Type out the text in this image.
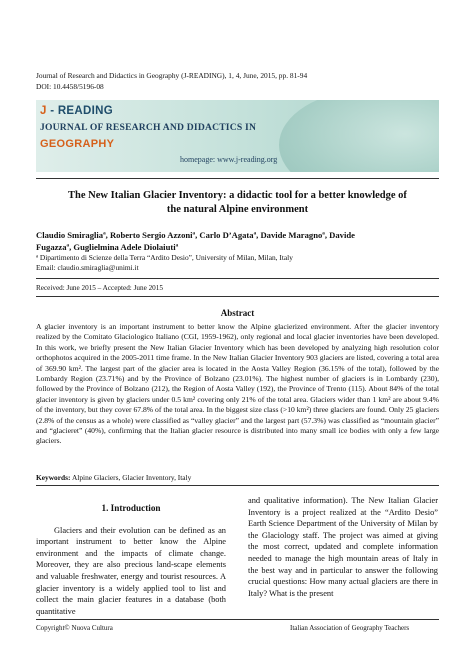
Journal of Research and Didactics in Geography (J-READING), 1, 4, June, 2015, pp. 81-94
DOI: 10.4458/5196-08
J - READING
JOURNAL OF RESEARCH AND DIDACTICS IN
GEOGRAPHY
homepage: www.j-reading.org
The New Italian Glacier Inventory: a didactic tool for a better knowledge of
the natural Alpine environment
Claudio Smiragliaª, Roberto Sergio Azzoniª, Carlo D’Agataª, Davide Maragnoª, Davide
Fugazzaª, Guglielmina Adele Diolaiutiª
ª Dipartimento di Scienze della Terra “Ardito Desio”, University of Milan, Milan, Italy
Email: claudio.smiraglia@unimi.it
Received: June 2015 – Accepted: June 2015
Abstract
A glacier inventory is an important instrument to better know the Alpine glacierized environment. After the glacier inventory realized by the Comitato Glaciologico Italiano (CGI, 1959-1962), only regional and local glacier inventories have been developed. In this work, we briefly present the New Italian Glacier Inventory which has been developed by analyzing high resolution color orthophotos acquired in the 2005-2011 time frame. In the New Italian Glacier Inventory 903 glaciers are listed, covering a total area of 369.90 km². The largest part of the glacier area is located in the Aosta Valley Region (36.15% of the total), followed by the Lombardy Region (23.71%) and by the Province of Bolzano (23.01%). The highest number of glaciers is in Lombardy (230), followed by the Province of Bolzano (212), the Region of Aosta Valley (192), the Province of Trento (115). About 84% of the total glacier inventory is given by glaciers under 0.5 km² covering only 21% of the total area. Glaciers wider than 1 km² are about 9.4% of the inventory, but they cover 67.8% of the total area. In the biggest size class (>10 km²) three glaciers are found. Only 25 glaciers (2.8% of the census as a whole) were classified as “valley glacier” and the largest part (57.3%) was classified as “mountain glacier” and “glacieret” (40%), confirming that the Italian glacier resource is distributed into many small ice bodies with only a few large glaciers.
Keywords: Alpine Glaciers, Glacier Inventory, Italy
1. Introduction

Glaciers and their evolution can be defined as an important instrument to better know the Alpine environment and the impacts of climate change. Moreover, they are also precious land-scape elements and valuable freshwater, energy and tourist resources. A glacier inventory is a widely applied tool to list and collect the main glacier features in a database (both quantitative

and qualitative information). The New Italian Glacier Inventory is a project realized at the “Ardito Desio” Earth Science Department of the University of Milan by the Glaciology staff. The project was aimed at giving the most correct, updated and complete information needed to manage the high mountain areas of Italy in the best way and in particular to answer the following crucial questions: How many actual glaciers are there in Italy? What is the present

Copyright© Nuova Cultura	Italian Association of Geography Teachers
